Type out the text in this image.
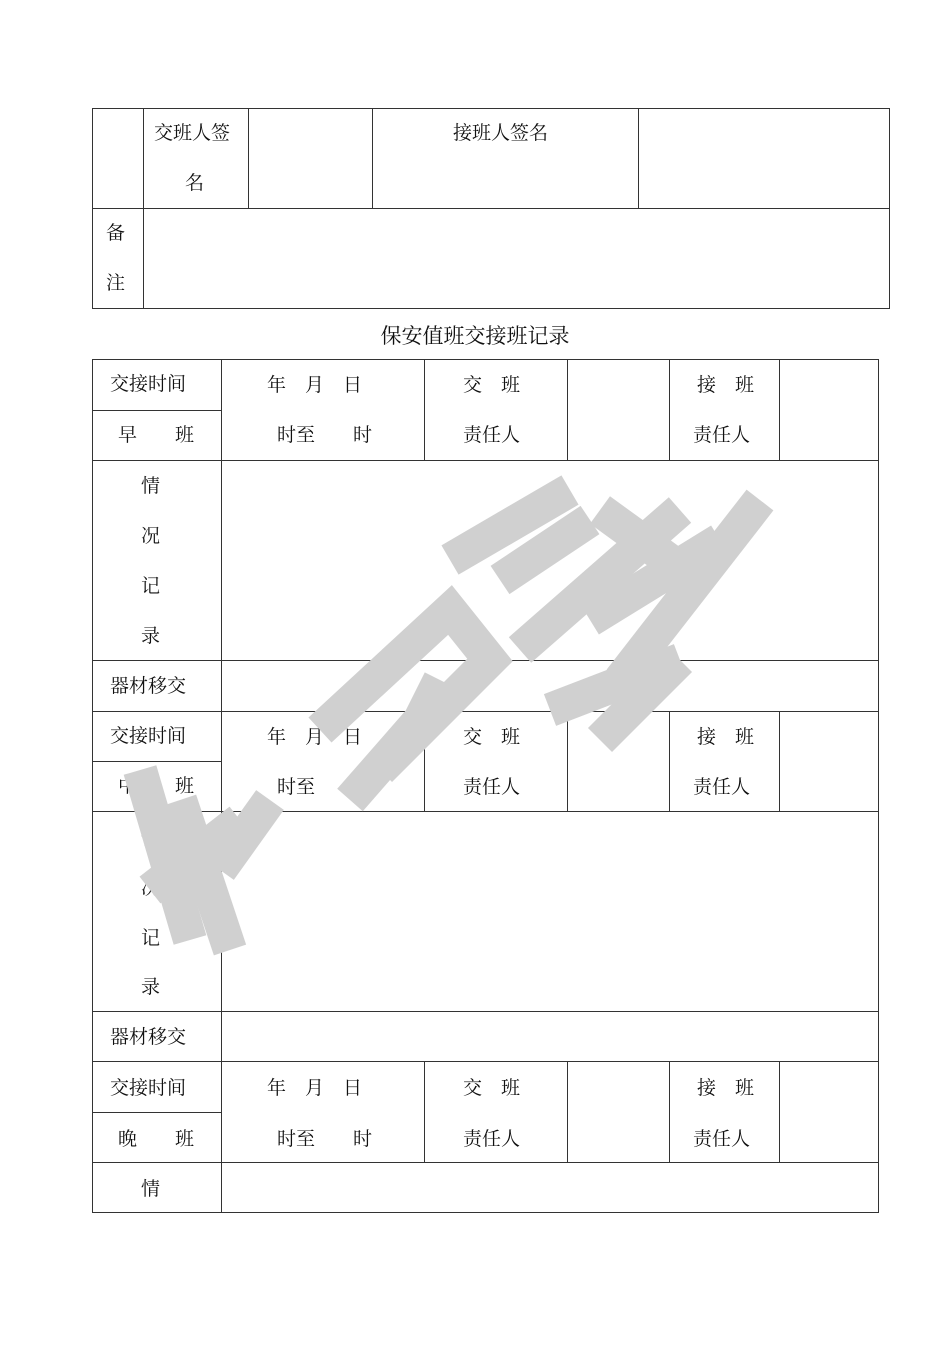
交班人签
名
接班人签名
备
注
保安值班交接班记录
交接时间
早　　班
年　月　日
时至　　时
交　班
责任人
接　班
责任人
情
况
记
录
器材移交
交接时间
中　　班
年　月　日
时至　　时
交　班
责任人
接　班
责任人
情
况
记
录
器材移交
交接时间
晚　　班
年　月　日
时至　　时
交　班
责任人
接　班
责任人
情
